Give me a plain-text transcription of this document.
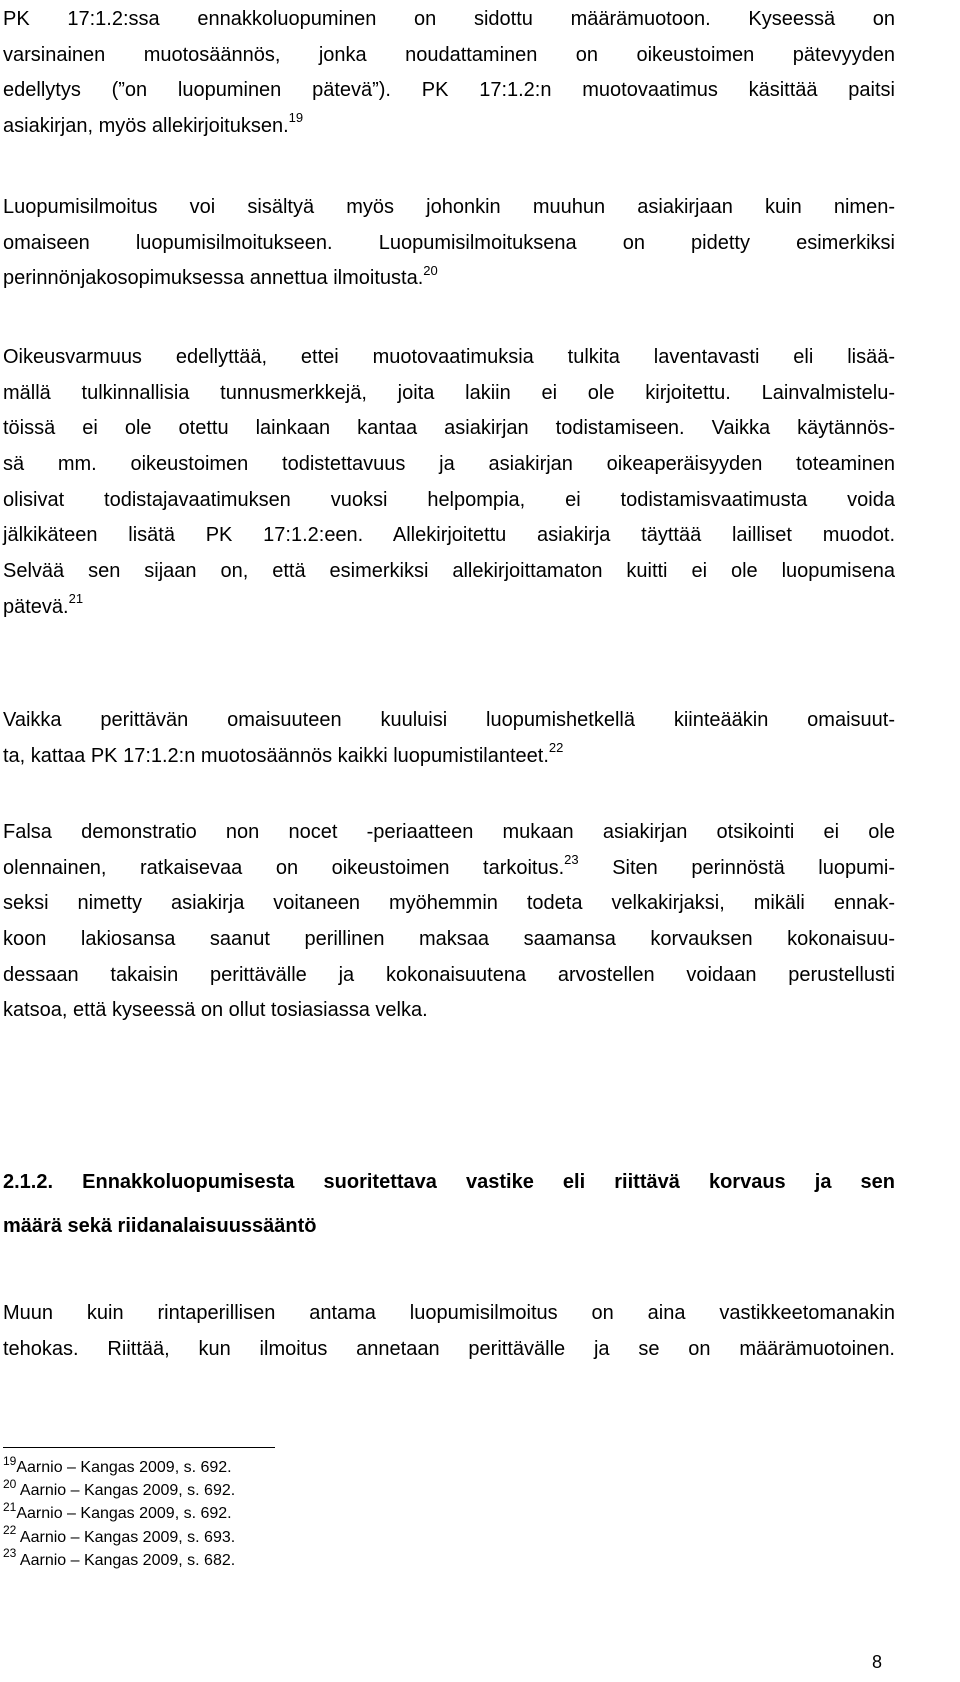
PK 17:1.2:ssa ennakkoluopuminen on sidottu määrämuotoon. Kyseessä on
varsinainen muotosäännös, jonka noudattaminen on oikeustoimen pätevyyden
edellytys (”on luopuminen pätevä”). PK 17:1.2:n muotovaatimus käsittää paitsi
asiakirjan, myös allekirjoituksen.$^{19}$

Luopumisilmoitus voi sisältyä myös johonkin muuhun asiakirjaan kuin nimen-
omaiseen luopumisilmoitukseen. Luopumisilmoituksena on pidetty esimerkiksi
perinnönjakosopimuksessa annettua ilmoitusta.$^{20}$

Oikeusvarmuus edellyttää, ettei muotovaatimuksia tulkita laventavasti eli lisää-
mällä tulkinnallisia tunnusmerkkejä, joita lakiin ei ole kirjoitettu. Lainvalmistelu-
töissä ei ole otettu lainkaan kantaa asiakirjan todistamiseen. Vaikka käytännös-
sä mm. oikeustoimen todistettavuus ja asiakirjan oikeaperäisyyden toteaminen
olisivat todistajavaatimuksen vuoksi helpompia, ei todistamisvaatimusta voida
jälkikäteen lisätä PK 17:1.2:een. Allekirjoitettu asiakirja täyttää lailliset muodot.
Selvää sen sijaan on, että esimerkiksi allekirjoittamaton kuitti ei ole luopumisena
pätevä.$^{21}$

Vaikka perittävän omaisuuteen kuuluisi luopumishetkellä kiinteääkin omaisuut-
ta, kattaa PK 17:1.2:n muotosäännös kaikki luopumistilanteet.$^{22}$

Falsa demonstratio non nocet -periaatteen mukaan asiakirjan otsikointi ei ole
olennainen, ratkaisevaa on oikeustoimen tarkoitus.$^{23}$ Siten perinnöstä luopumi-
seksi nimetty asiakirja voitaneen myöhemmin todeta velkakirjaksi, mikäli ennak-
koon lakiosansa saanut perillinen maksaa saamansa korvauksen kokonaisuu-
dessaan takaisin perittävälle ja kokonaisuutena arvostellen voidaan perustellusti
katsoa, että kyseessä on ollut tosiasiassa velka.

2.1.2. Ennakkoluopumisesta suoritettava vastike eli riittävä korvaus ja sen
määrä sekä riidanalaisuussääntö

Muun kuin rintaperillisen antama luopumisilmoitus on aina vastikkeetomanakin
tehokas. Riittää, kun ilmoitus annetaan perittävälle ja se on määrämuotoinen.

$^{19}$Aarnio – Kangas 2009, s. 692.
$^{20}$ Aarnio – Kangas 2009, s. 692.
$^{21}$Aarnio – Kangas 2009, s. 692.
$^{22}$ Aarnio – Kangas 2009, s. 693.
$^{23}$ Aarnio – Kangas 2009, s. 682.
8
